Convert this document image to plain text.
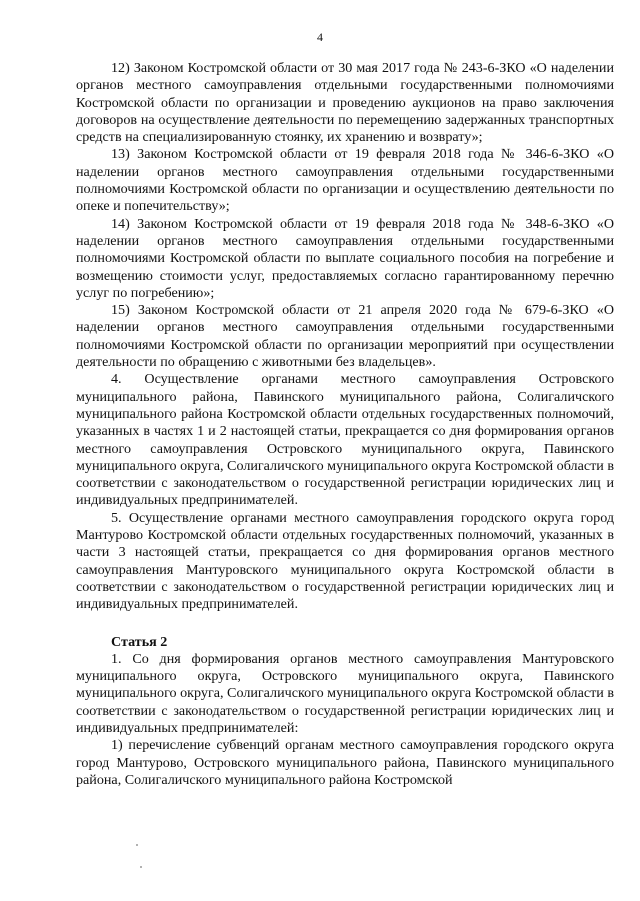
4

12) Законом Костромской области от 30 мая 2017 года № 243-6-ЗКО «О наделении органов местного самоуправления отдельными государственными полномочиями Костромской области по организации и проведению аукционов на право заключения договоров на осуществление деятельности по перемещению задержанных транспортных средств на специализированную стоянку, их хранению и возврату»;

13) Законом Костромской области от 19 февраля 2018 года № 346-6-ЗКО «О наделении органов местного самоуправления отдельными государственными полномочиями Костромской области по организации и осуществлению деятельности по опеке и попечительству»;

14) Законом Костромской области от 19 февраля 2018 года № 348-6-ЗКО «О наделении органов местного самоуправления отдельными государственными полномочиями Костромской области по выплате социального пособия на погребение и возмещению стоимости услуг, предоставляемых согласно гарантированному перечню услуг по погребению»;

15) Законом Костромской области от 21 апреля 2020 года № 679-6-ЗКО «О наделении органов местного самоуправления отдельными государственными полномочиями Костромской области по организации мероприятий при осуществлении деятельности по обращению с животными без владельцев».

4. Осуществление органами местного самоуправления Островского муниципального района, Павинского муниципального района, Солигаличского муниципального района Костромской области отдельных государственных полномочий, указанных в частях 1 и 2 настоящей статьи, прекращается со дня формирования органов местного самоуправления Островского муниципального округа, Павинского муниципального округа, Солигаличского муниципального округа Костромской области в соответствии с законодательством о государственной регистрации юридических лиц и индивидуальных предпринимателей.

5. Осуществление органами местного самоуправления городского округа город Мантурово Костромской области отдельных государственных полномочий, указанных в части 3 настоящей статьи, прекращается со дня формирования органов местного самоуправления Мантуровского муниципального округа Костромской области в соответствии с законодательством о государственной регистрации юридических лиц и индивидуальных предпринимателей.

Статья 2

1. Со дня формирования органов местного самоуправления Мантуровского муниципального округа, Островского муниципального округа, Павинского муниципального округа, Солигаличского муниципального округа Костромской области в соответствии с законодательством о государственной регистрации юридических лиц и индивидуальных предпринимателей:

1) перечисление субвенций органам местного самоуправления городского округа город Мантурово, Островского муниципального района, Павинского муниципального района, Солигаличского муниципального района Костромской
